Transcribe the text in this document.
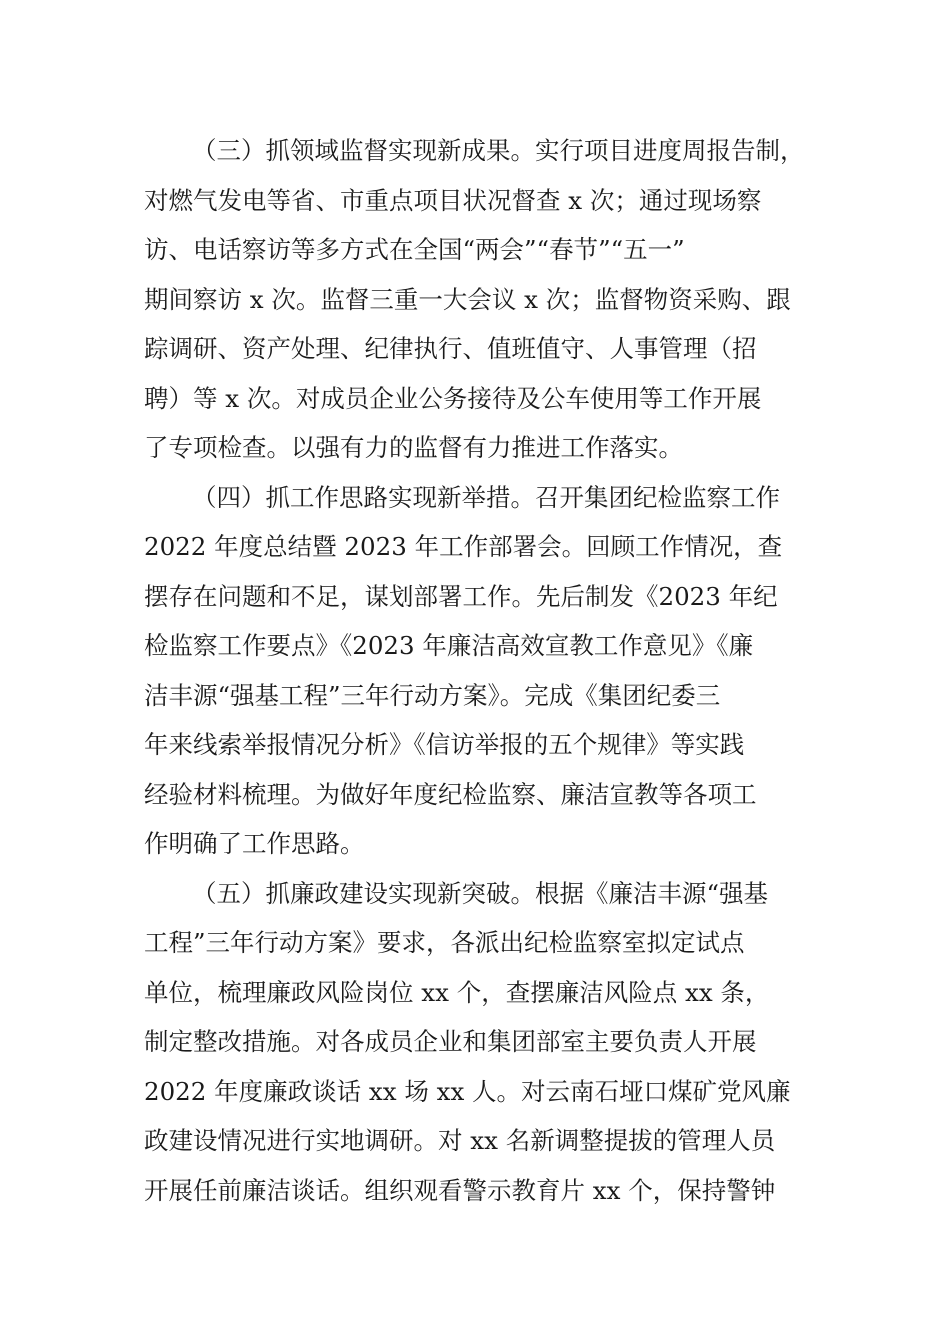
（三）抓领域监督实现新成果。实行项目进度周报告制，
对燃气发电等省、市重点项目状况督查 x 次；通过现场察
访、电话察访等多方式在全国“两会”“春节”“五一”
期间察访 x 次。监督三重一大会议 x 次；监督物资采购、跟
踪调研、资产处理、纪律执行、值班值守、人事管理（招
聘）等 x 次。对成员企业公务接待及公车使用等工作开展
了专项检查。以强有力的监督有力推进工作落实。
（四）抓工作思路实现新举措。召开集团纪检监察工作
2022 年度总结暨 2023 年工作部署会。回顾工作情况，查
摆存在问题和不足，谋划部署工作。先后制发《2023 年纪
检监察工作要点》《2023 年廉洁高效宣教工作意见》《廉
洁丰源“强基工程”三年行动方案》。完成《集团纪委三
年来线索举报情况分析》《信访举报的五个规律》等实践
经验材料梳理。为做好年度纪检监察、廉洁宣教等各项工
作明确了工作思路。
（五）抓廉政建设实现新突破。根据《廉洁丰源“强基
工程”三年行动方案》要求，各派出纪检监察室拟定试点
单位，梳理廉政风险岗位 xx 个，查摆廉洁风险点 xx 条，
制定整改措施。对各成员企业和集团部室主要负责人开展
2022 年度廉政谈话 xx 场 xx 人。对云南石垭口煤矿党风廉
政建设情况进行实地调研。对 xx 名新调整提拔的管理人员
开展任前廉洁谈话。组织观看警示教育片 xx 个，保持警钟
